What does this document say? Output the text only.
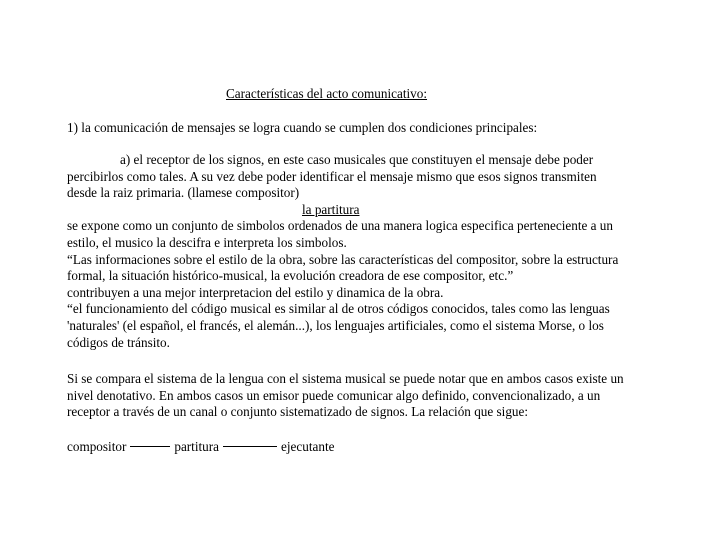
Características del acto comunicativo:

1) la comunicación de mensajes se logra cuando se cumplen dos condiciones principales:

a) el receptor de los signos, en este caso musicales que constituyen el mensaje debe poder

percibirlos como tales. A su vez debe poder identificar el mensaje mismo que esos signos transmiten

desde la raiz primaria. (llamese compositor)

la partitura

se expone como un conjunto de simbolos ordenados de una manera logica especifica perteneciente a un

estilo, el musico la descifra e interpreta los simbolos.

“Las informaciones sobre el estilo de la obra, sobre las características del compositor, sobre la estructura

formal, la situación histórico-musical, la evolución creadora de ese compositor, etc.”

contribuyen a una mejor interpretacion del estilo y dinamica de la obra.

“el funcionamiento del código musical es similar al de otros códigos conocidos, tales como las lenguas

'naturales' (el español, el francés, el alemán...), los lenguajes artificiales, como el sistema Morse, o los

códigos de tránsito.

Si se compara el sistema de la lengua con el sistema musical se puede notar que en ambos casos existe un

nivel denotativo. En ambos casos un emisor puede comunicar algo definido, convencionalizado, a un

receptor a través de un canal o conjunto sistematizado de signos. La relación que sigue:

compositor	partitura	ejecutante
